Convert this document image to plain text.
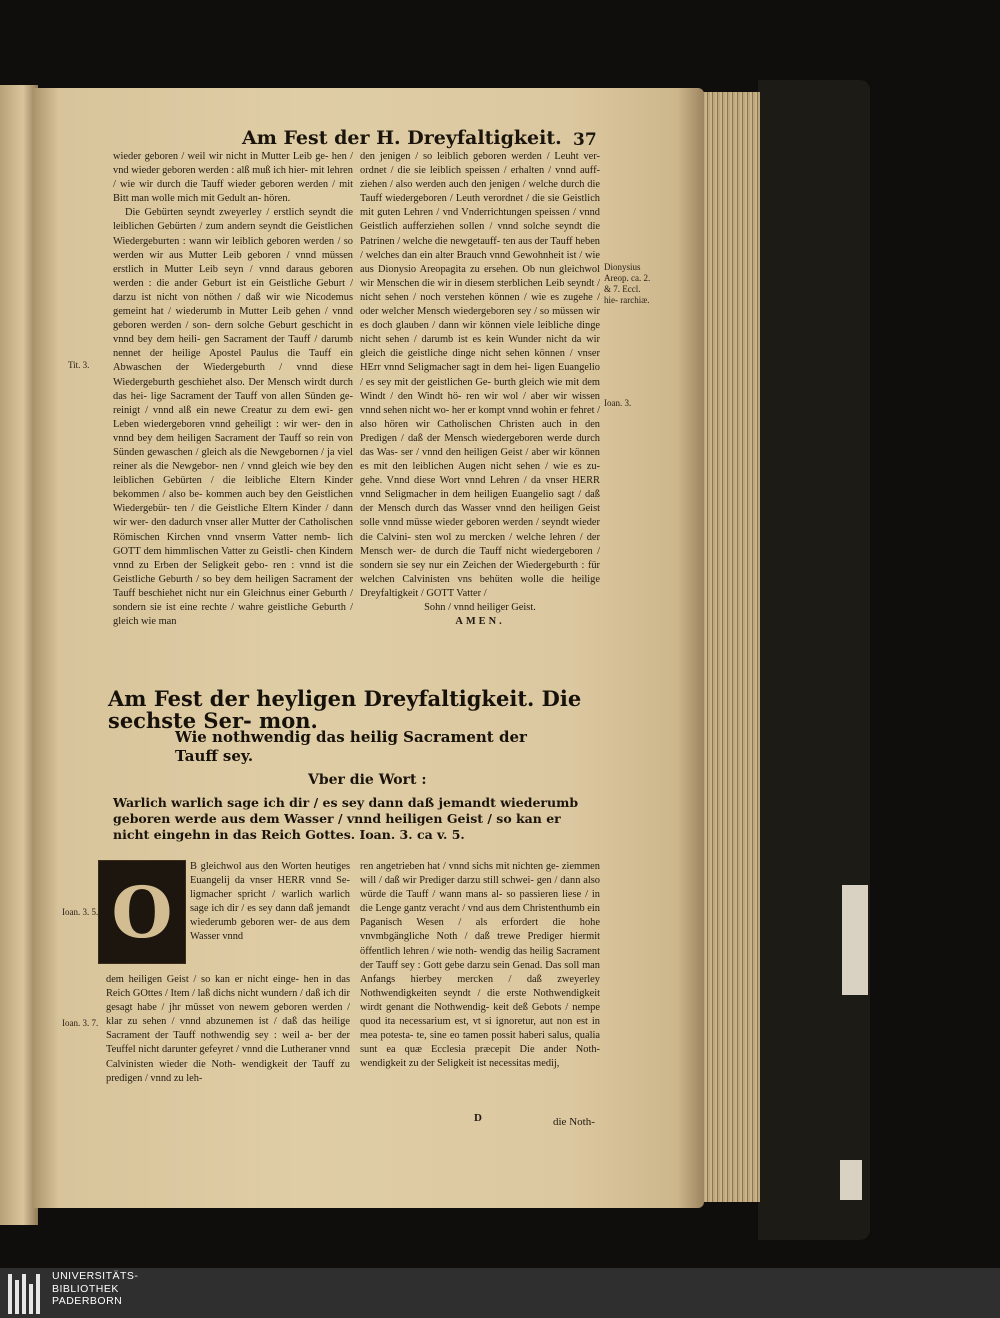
Am Fest der H. Dreyfaltigkeit. 37

wieder geboren / weil wir nicht in Mutter Leib ge- hen / vnd wieder geboren werden : alß muß ich hier- mit lehren / wie wir durch die Tauff wieder geboren werden / mit Bitt man wolle mich mit Gedult an- hören.

Die Gebürten seyndt zweyerley / erstlich seyndt die leiblichen Gebürten / zum andern seyndt die Geistlichen Wiedergeburten : wann wir leiblich geboren werden / so werden wir aus Mutter Leib geboren / vnnd müssen erstlich in Mutter Leib seyn / vnnd daraus geboren werden : die ander Geburt ist ein Geistliche Geburt / darzu ist nicht von nöthen / daß wir wie Nicodemus gemeint hat / wiederumb in Mutter Leib gehen / vnnd geboren werden / son- dern solche Geburt geschicht in vnnd bey dem heili- gen Sacrament der Tauff / darumb nennet der heilige Apostel Paulus die Tauff ein Abwaschen der Wiedergeburth / vnnd diese Wiedergeburth geschiehet also. Der Mensch wirdt durch das hei- lige Sacrament der Tauff von allen Sünden ge- reinigt / vnnd alß ein newe Creatur zu dem ewi- gen Leben wiedergeboren vnnd geheiligt : wir wer- den in vnnd bey dem heiligen Sacrament der Tauff so rein von Sünden gewaschen / gleich als die Newgebornen / ja viel reiner als die Newgebor- nen / vnnd gleich wie bey den leiblichen Gebürten / die leibliche Eltern Kinder bekommen / also be- kommen auch bey den Geistlichen Wiedergebür- ten / die Geistliche Eltern Kinder / dann wir wer- den dadurch vnser aller Mutter der Catholischen Römischen Kirchen vnnd vnserm Vatter nemb- lich GOTT dem himmlischen Vatter zu Geistli- chen Kindern vnnd zu Erben der Seligkeit gebo- ren : vnnd ist die Geistliche Geburth / so bey dem heiligen Sacrament der Tauff beschiehet nicht nur ein Gleichnus einer Geburth / sondern sie ist eine rechte / wahre geistliche Geburth / gleich wie man

den jenigen / so leiblich geboren werden / Leuht ver- ordnet / die sie leiblich speissen / erhalten / vnnd auff- ziehen / also werden auch den jenigen / welche durch die Tauff wiedergeboren / Leuth verordnet / die sie Geistlich mit guten Lehren / vnd Vnderrichtungen speissen / vnnd Geistlich aufferziehen sollen / vnnd solche seyndt die Patrinen / welche die newgetauff- ten aus der Tauff heben / welches dan ein alter Brauch vnnd Gewohnheit ist / wie aus Dionysio Areopagita zu ersehen. Ob nun gleichwol wir Menschen die wir in diesem sterblichen Leib seyndt / nicht sehen / noch verstehen können / wie es zugehe / oder welcher Mensch wiedergeboren sey / so müssen wir es doch glauben / dann wir können viele leibliche dinge nicht sehen / darumb ist es kein Wunder nicht da wir gleich die geistliche dinge nicht sehen können / vnser HErr vnnd Seligmacher sagt in dem hei- ligen Euangelio / es sey mit der geistlichen Ge- burth gleich wie mit dem Windt / den Windt hö- ren wir wol / aber wir wissen vnnd sehen nicht wo- her er kompt vnnd wohin er fehret / also hören wir Catholischen Christen auch in den Predigen / daß der Mensch wiedergeboren werde durch das Was- ser / vnnd den heiligen Geist / aber wir können es mit den leiblichen Augen nicht sehen / wie es zu- gehe. Vnnd diese Wort vnnd Lehren / da vnser HERR vnnd Seligmacher in dem heiligen Euangelio sagt / daß der Mensch durch das Wasser vnnd den heiligen Geist solle vnnd müsse wieder geboren werden / seyndt wieder die Calvini- sten wol zu mercken / welche lehren / der Mensch wer- de durch die Tauff nicht wiedergeboren / sondern sie sey nur ein Zeichen der Wiedergeburth : für welchen Calvinisten vns behüten wolle die heilige Dreyfaltigkeit / GOTT Vatter /

Sohn / vnnd heiliger Geist.

AMEN.

Tit. 3.
Dionysius Areop. ca. 2. & 7. Eccl. hie- rarchiæ.
Ioan. 3.
Am Fest der heyligen Dreyfaltigkeit. Die sechste Ser- mon.
Wie nothwendig das heilig Sacrament der Tauff sey.
Vber die Wort :
Warlich warlich sage ich dir / es sey dann daß jemandt wiederumb geboren werde aus dem Wasser / vnnd heiligen Geist / so kan er nicht eingehn in das Reich Gottes. Ioan. 3. ca v. 5.
O
B gleichwol aus den Worten heutiges Euangelij da vnser HERR vnnd Se- ligmacher spricht / warlich warlich sage ich dir / es sey dann daß jemandt wiederumb geboren wer- de aus dem Wasser vnnd
dem heiligen Geist / so kan er nicht einge- hen in das Reich GOttes / Item / laß dichs nicht wundern / daß ich dir gesagt habe / jhr müsset von newem geboren werden / klar zu sehen / vnnd abzunemen ist / daß das heilige Sacrament der Tauff nothwendig sey : weil a- ber der Teuffel nicht darunter gefeyret / vnnd die Lutheraner vnnd Calvinisten wieder die Noth- wendigkeit der Tauff zu predigen / vnnd zu leh-
ren angetrieben hat / vnnd sichs mit nichten ge- ziemmen will / daß wir Prediger darzu still schwei- gen / dann also würde die Tauff / wann mans al- so passieren liese / in die Lenge gantz veracht / vnd aus dem Christenthumb ein Paganisch Wesen / als erfordert die hohe vnvmbgängliche Noth / daß trewe Prediger hiermit öffentlich lehren / wie noth- wendig das heilig Sacrament der Tauff sey : Gott gebe darzu sein Genad. Das soll man Anfangs hierbey mercken / daß zweyerley Nothwendigkeiten seyndt / die erste Nothwendigkeit wirdt genant die Nothwendig- keit deß Gebots / nempe quod ita necessarium est, vt si ignoretur, aut non est in mea potesta- te, sine eo tamen possit haberi salus, qualia sunt ea quæ Ecclesia præcepit Die ander Noth- wendigkeit zu der Seligkeit ist necessitas medij,
Ioan. 3. 5.
Ioan. 3. 7.
D	die Noth-
UNIVERSITÄTS-
BIBLIOTHEK
PADERBORN
